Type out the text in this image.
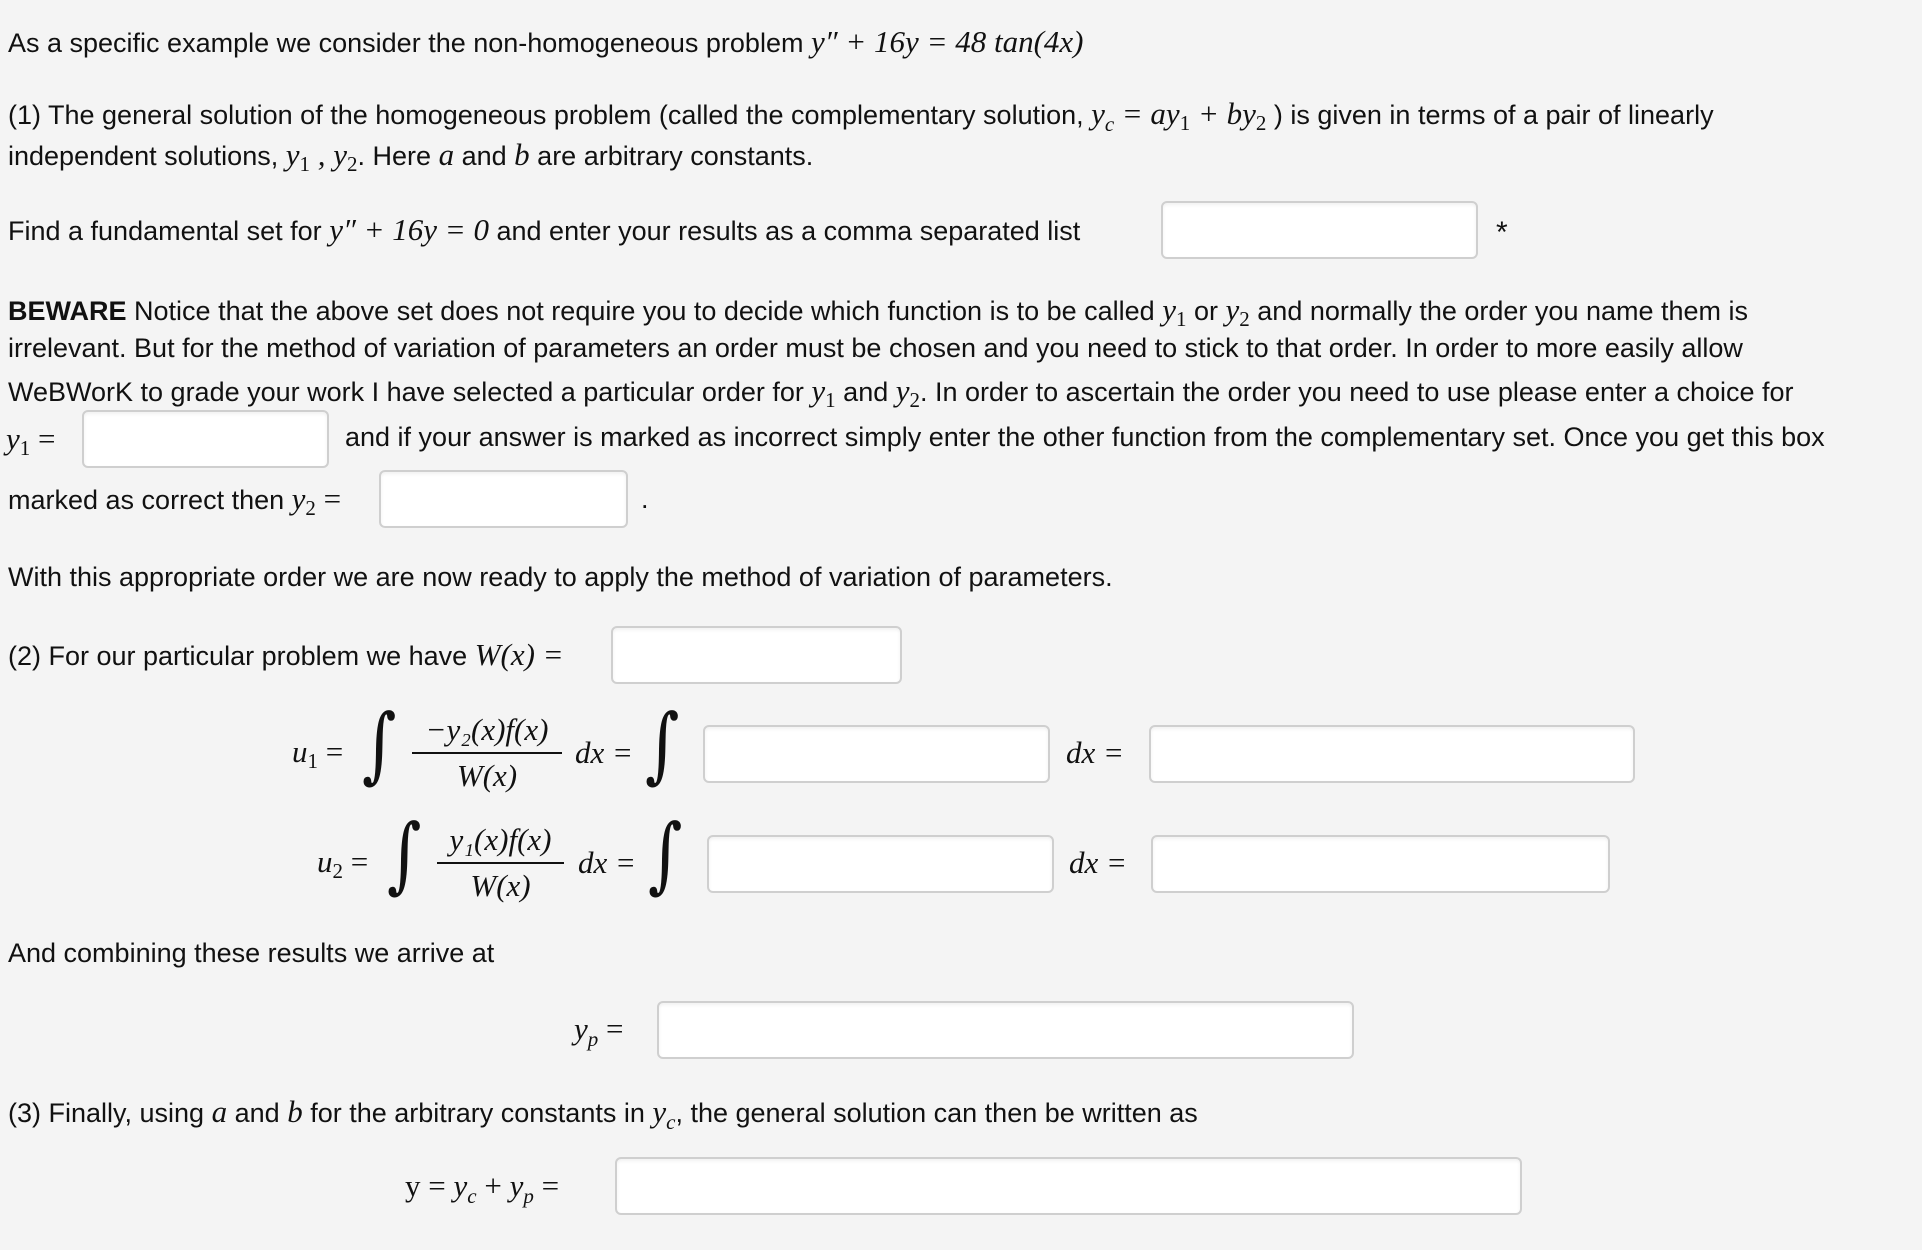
As a specific example we consider the non-homogeneous problem y″ + 16y = 48 tan(4x)
(1) The general solution of the homogeneous problem (called the complementary solution, $y_c = ay_1 + by_2$ ) is given in terms of a pair of linearly
independent solutions, $y_1$ , $y_2$. Here a and b are arbitrary constants.
Find a fundamental set for y″ + 16y = 0 and enter your results as a comma separated list	*
BEWARE Notice that the above set does not require you to decide which function is to be called $y_1$ or $y_2$ and normally the order you name them is
irrelevant. But for the method of variation of parameters an order must be chosen and you need to stick to that order. In order to more easily allow
WeBWorK to grade your work I have selected a particular order for $y_1$ and $y_2$. In order to ascertain the order you need to use please enter a choice for
$y_1$ =	and if your answer is marked as incorrect simply enter the other function from the complementary set. Once you get this box
marked as correct then $y_2$ =	.
With this appropriate order we are now ready to apply the method of variation of parameters.
(2) For our particular problem we have W(x) =
$u_1$ = ∫ −y₂(x)f(x)
W(x)
dx = ∫	dx =
$u_2$ = ∫ y₁(x)f(x)
W(x)
dx = ∫	dx =
And combining these results we arrive at
$y_p$ =
(3) Finally, using a and b for the arbitrary constants in $y_c$, the general solution can then be written as
$y = y_c + y_p$ =
